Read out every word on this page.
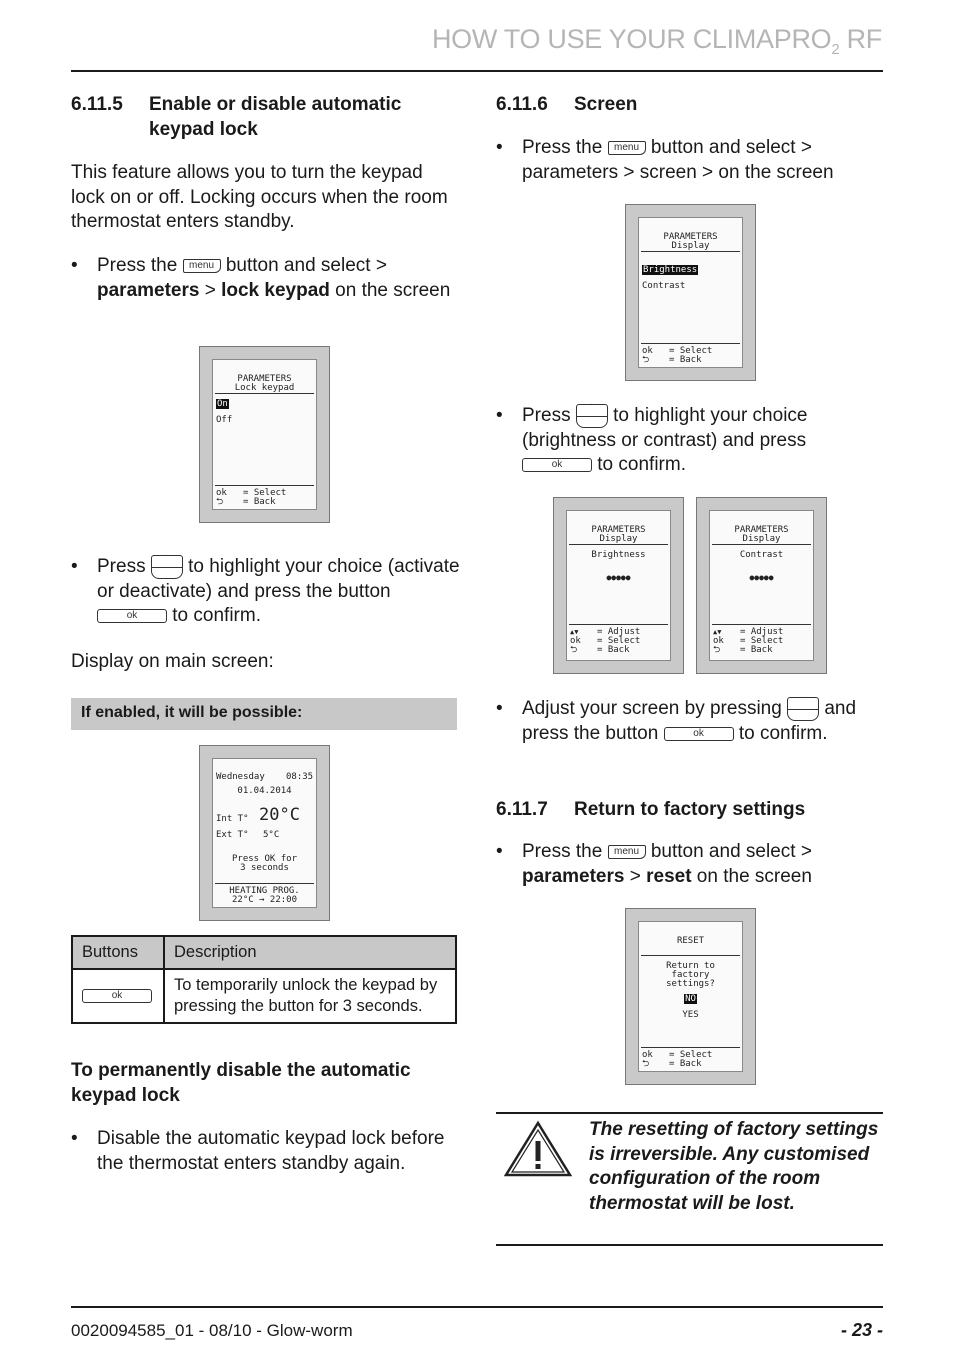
HOW TO USE YOUR $CLIMAPRO_2$ RF
6.11.5 Enable or disable automatic
keypad lock
This feature allows you to turn the keypad lock on or off. Locking occurs when the room thermostat enters standby.
• Press the menu button and select > parameters > lock keypad on the screen
PARAMETERS
Lock keypad
On
Off
ok = Select
⮌ = Back
• Press · to highlight your choice (activate or deactivate) and press the button ok to confirm.
Display on main screen:
If enabled, it will be possible:
Wednesday 08:35
01.04.2014
Int T° 20°C
Ext T° 5°C
Press OK for
3 seconds
HEATING PROG.
22°C → 22:00
Buttons	Description
ok	To temporarily unlock the keypad by pressing the button for 3 seconds.
To permanently disable the automatic keypad lock
• Disable the automatic keypad lock before the thermostat enters standby again.
6.11.6 Screen
• Press the menu button and select > parameters > screen > on the screen
PARAMETERS
Display
Brightness
Contrast
ok = Select
⮌ = Back
• Press · to highlight your choice (brightness or contrast) and press ok to confirm.
PARAMETERS
Display
Brightness
●●●●●
▲▼ = Adjust
ok = Select
⮌ = Back
PARAMETERS
Display
Contrast
●●●●●
▲▼ = Adjust
ok = Select
⮌ = Back
• Adjust your screen by pressing · and press the button	ok to confirm.
6.11.7 Return to factory settings
• Press the menu button and select > parameters > reset on the screen
RESET
Return to
factory
settings?
NO
YES
ok = Select
⮌ = Back
The resetting of factory settings is irreversible. Any customised configuration of the room thermostat will be lost.
0020094585_01 - 08/10 - Glow-worm	- 23 -
